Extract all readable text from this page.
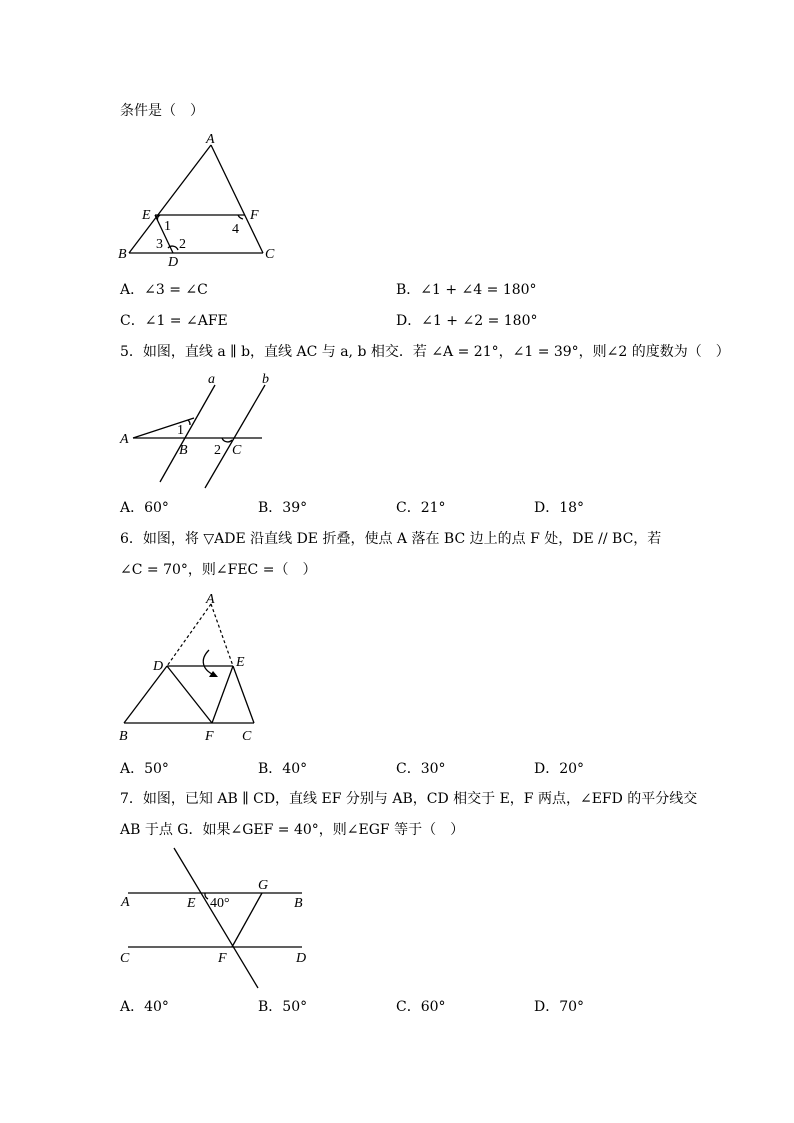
条件是（　）
A
E	F
B	C
D
1
2
3
4
A．∠3 = ∠C	B．∠1 + ∠4 = 180°
C．∠1 = ∠AFE	D．∠1 + ∠2 = 180°
5．如图，直线 a ∥ b，直线 AC 与 a, b 相交．若 ∠A = 21°，∠1 = 39°，则∠2 的度数为（　）
a	b
A
B	C
1
2
A．60°	B．39°	C．21°	D．18°
6．如图，将 ▽ADE 沿直线 DE 折叠，使点 A 落在 BC 边上的点 F 处，DE // BC，若
∠C = 70°，则∠FEC =（　）
A
D	E
B	F C
A．50°	B．40°	C．30°	D．20°
7．如图，已知 AB ∥ CD，直线 EF 分别与 AB，CD 相交于 E，F 两点，∠EFD 的平分线交
AB 于点 G．如果∠GEF = 40°，则∠EGF 等于（　）
G
A	E 40°	B
C	F	D
A．40°	B．50°	C．60°	D．70°
